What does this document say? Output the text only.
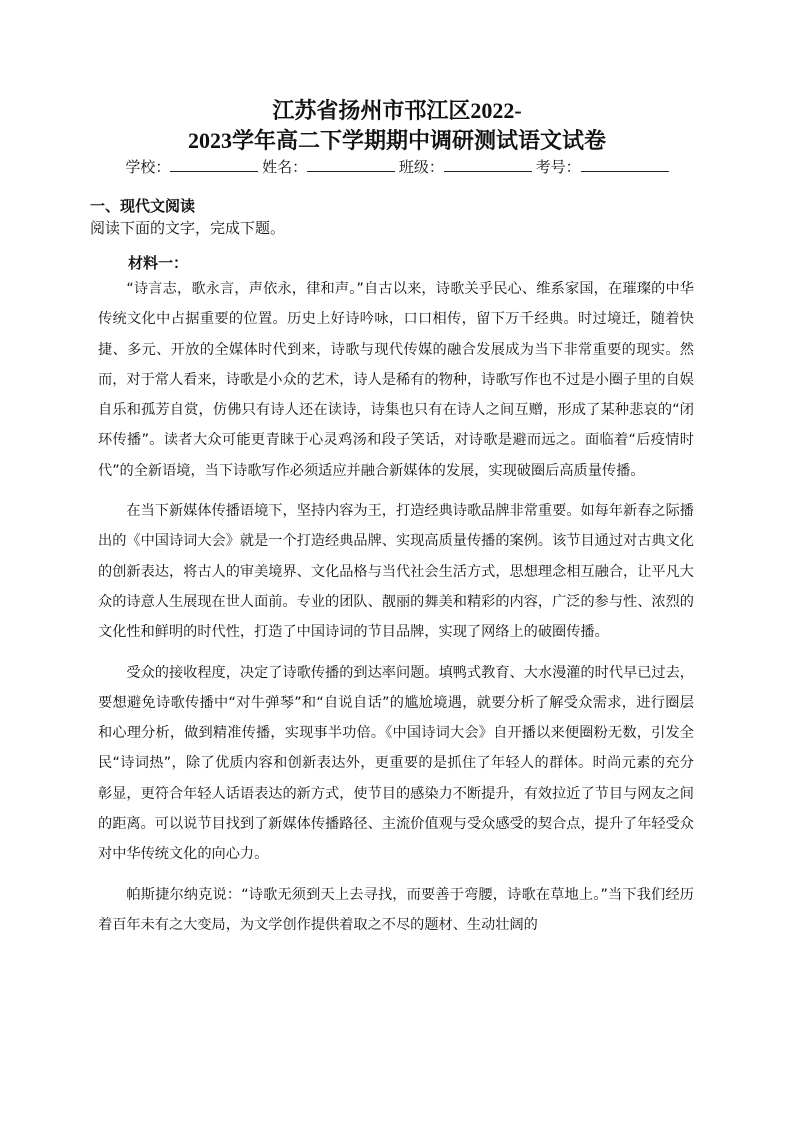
江苏省扬州市邗江区2022-
2023学年高二下学期期中调研测试语文试卷
学校：	姓名：	班级：	考号：
一、现代文阅读
阅读下面的文字，完成下题。
材料一：

“诗言志，歌永言，声依永，律和声。”自古以来，诗歌关乎民心、维系家国，在璀璨的中华传统文化中占据重要的位置。历史上好诗吟咏，口口相传，留下万千经典。时过境迁，随着快捷、多元、开放的全媒体时代到来，诗歌与现代传媒的融合发展成为当下非常重要的现实。然而，对于常人看来，诗歌是小众的艺术，诗人是稀有的物种，诗歌写作也不过是小圈子里的自娱自乐和孤芳自赏，仿佛只有诗人还在读诗，诗集也只有在诗人之间互赠，形成了某种悲哀的“闭环传播”。读者大众可能更青睐于心灵鸡汤和段子笑话，对诗歌是避而远之。面临着“后疫情时代”的全新语境，当下诗歌写作必须适应并融合新媒体的发展，实现破圈后高质量传播。

在当下新媒体传播语境下，坚持内容为王，打造经典诗歌品牌非常重要。如每年新春之际播出的《中国诗词大会》就是一个打造经典品牌、实现高质量传播的案例。该节目通过对古典文化的创新表达，将古人的审美境界、文化品格与当代社会生活方式，思想理念相互融合，让平凡大众的诗意人生展现在世人面前。专业的团队、靓丽的舞美和精彩的内容，广泛的参与性、浓烈的文化性和鲜明的时代性，打造了中国诗词的节目品牌，实现了网络上的破圈传播。

受众的接收程度，决定了诗歌传播的到达率问题。填鸭式教育、大水漫灌的时代早已过去，要想避免诗歌传播中“对牛弹琴”和“自说自话”的尴尬境遇，就要分析了解受众需求，进行圈层和心理分析，做到精准传播，实现事半功倍。《中国诗词大会》自开播以来便圈粉无数，引发全民“诗词热”，除了优质内容和创新表达外，更重要的是抓住了年轻人的群体。时尚元素的充分彰显，更符合年轻人话语表达的新方式，使节目的感染力不断提升，有效拉近了节目与网友之间的距离。可以说节目找到了新媒体传播路径、主流价值观与受众感受的契合点，提升了年轻受众对中华传统文化的向心力。

帕斯捷尔纳克说：“诗歌无须到天上去寻找，而要善于弯腰，诗歌在草地上。”当下我们经历着百年未有之大变局，为文学创作提供着取之不尽的题材、生动壮阔的
